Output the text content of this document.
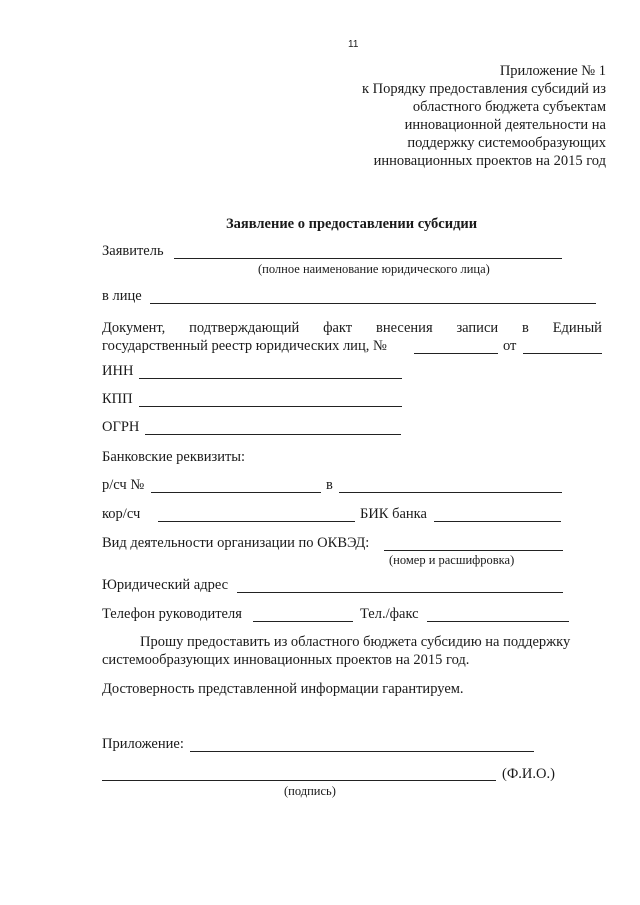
11
Приложение № 1
к Порядку предоставления субсидий из
областного бюджета субъектам
инновационной деятельности на
поддержку системообразующих
инновационных проектов на 2015 год
Заявление о предоставлении субсидии
Заявитель
(полное наименование юридического лица)
в лице
Документ, подтверждающий факт внесения записи в Единый
государственный реестр юридических лиц, №	от
ИНН
КПП
ОГРН
Банковские реквизиты:
р/сч №	в
кор/сч	БИК банка
Вид деятельности организации по ОКВЭД:
(номер и расшифровка)
Юридический адрес
Телефон руководителя	Тел./факс
Прошу предоставить из областного бюджета субсидию на поддержку
системообразующих инновационных проектов на 2015 год.
Достоверность представленной информации гарантируем.
Приложение:
(Ф.И.О.)
(подпись)
